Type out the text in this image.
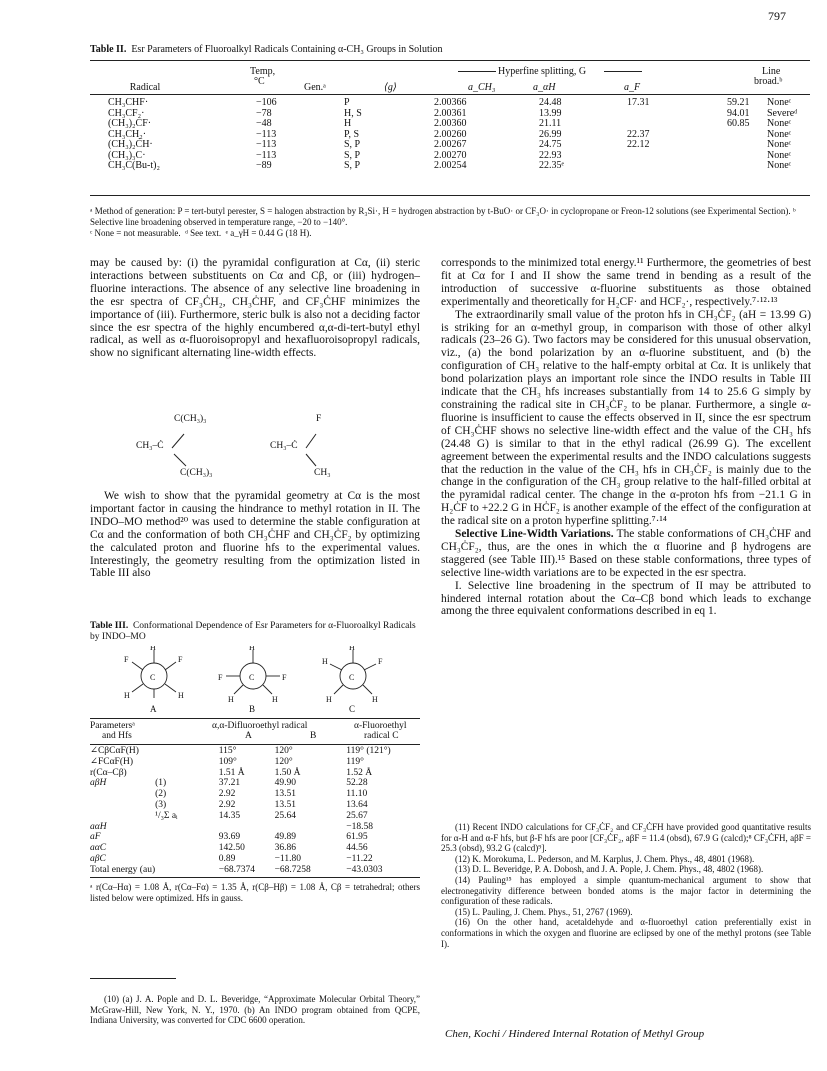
797
Table II. Esr Parameters of Fluoroalkyl Radicals Containing α-CH₃ Groups in Solution
Hyperfine splitting, G
Temp,
°C
Radical	Gen.ᵃ	⟨g⟩	a_CH₃	a_αH	a_F
Line
broad.ᵇ
CH₃CHF·	−106	P	2.00366	24.48	17.31	59.21	Noneᶜ
CH₃CF₂·	−78	H, S	2.00361	13.99		94.01	Severeᵈ
(CH₃)₂CF·	−48	H	2.00360	21.11		60.85	Noneᶜ
CH₃CH₂·	−113	P, S	2.00260	26.99	22.37		Noneᶜ
(CH₃)₂ĊH·	−113	S, P	2.00267	24.75	22.12		Noneᶜ
(CH₃)₃C·	−113	S, P	2.00270	22.93			Noneᶜ
CH₃C(Bu-t)₂	−89	S, P	2.00254	22.35ᵉ			Noneᶜ
ᵃ Method of generation: P = tert-butyl perester, S = halogen abstraction by R₃Si·, H = hydrogen abstraction by t-BuO· or CF₃O· in cyclopropane or Freon-12 solutions (see Experimental Section). ᵇ Selective line broadening observed in temperature range, −20 to −140°.
ᶜ None = not measurable. ᵈ See text. ᵉ a_γH = 0.44 G (18 H).

may be caused by: (i) the pyramidal configuration at Cα, (ii) steric interactions between substituents on Cα and Cβ, or (iii) hydrogen–fluorine interactions. The absence of any selective line broadening in the esr spectra of CF₃ĊH₂, CH₃ĊHF, and CF₃ĊHF minimizes the importance of (iii). Furthermore, steric bulk is also not a deciding factor since the esr spectra of the highly encumbered α,α-di-tert-butyl ethyl radical, as well as α-fluoroisopropyl and hexafluoroisopropyl radicals, show no significant alternating line-width effects.

C(CH₃)₃
CH₃–Ċ
C(CH₃)₃
F
CH₃–Ċ
CH₃

We wish to show that the pyramidal geometry at Cα is the most important factor in causing the hindrance to methyl rotation in II. The INDO–MO method²⁰ was used to determine the stable configuration at Cα and the conformation of both CH₃ĊHF and CH₃ĊF₂ by optimizing the calculated proton and fluorine hfs to the experimental values. Interestingly, the geometry resulting from the optimization listed in Table III also

Table III. Conformational Dependence of Esr Parameters for α-Fluoroalkyl Radicals by INDO–MO
C	C	C
H
F	F
H	H
H
F	F
H	H
H
H	F
H	H
A	B	C
Parametersᵃ
and Hfs
α,α-Difluoroethyl radical	α-Fluoroethyl
radical C
A	B
∠CβCαF(H)		115°	120°	119° (121°)
∠FCαF(H)		109°	120°	119°
r(Cα–Cβ)		1.51 Å	1.50 Å	1.52 Å
aβH	(1)	37.21	49.90	52.28
	(2)	2.92	13.51	11.10
	(3)	2.92	13.51	13.64
	¹/₃Σ aᵢ	14.35	25.64	25.67
aαH				−18.58
aF		93.69	49.89	61.95
aαC		142.50	36.86	44.56
aβC		0.89	−11.80	−11.22
Total energy (au)		−68.7374	−68.7258	−43.0303
ᵃ r(Cα–Hα) = 1.08 Å, r(Cα–Fα) = 1.35 Å, r(Cβ–Hβ) = 1.08 Å, Cβ = tetrahedral; others listed below were optimized. Hfs in gauss.
(10) (a) J. A. Pople and D. L. Beveridge, “Approximate Molecular Orbital Theory,” McGraw-Hill, New York, N. Y., 1970. (b) An INDO program obtained from QCPE, Indiana University, was converted for CDC 6600 operation.

corresponds to the minimized total energy.¹¹ Furthermore, the geometries of best fit at Cα for I and II show the same trend in bending as a result of the introduction of successive α-fluorine substituents as those obtained experimentally and theoretically for H₂CF· and HCF₂·, respectively.⁷·¹²·¹³

The extraordinarily small value of the proton hfs in CH₃ĊF₂ (aH = 13.99 G) is striking for an α-methyl group, in comparison with those of other alkyl radicals (23–26 G). Two factors may be considered for this unusual observation, viz., (a) the bond polarization by an α-fluorine substituent, and (b) the configuration of CH₃ relative to the half-empty orbital at Cα. It is unlikely that bond polarization plays an important role since the INDO results in Table III indicate that the CH₃ hfs increases substantially from 14 to 25.6 G simply by constraining the radical site in CH₃ĊF₂ to be planar. Furthermore, a single α-fluorine is insufficient to cause the effects observed in II, since the esr spectrum of CH₃ĊHF shows no selective line-width effect and the value of the CH₃ hfs (24.48 G) is similar to that in the ethyl radical (26.99 G). The excellent agreement between the experimental results and the INDO calculations suggests that the reduction in the value of the CH₃ hfs in CH₃ĊF₂ is mainly due to the change in the configuration of the CH₃ group relative to the half-filled orbital at the pyramidal radical center. The change in the α-proton hfs from −21.1 G in H₂ĊF to +22.2 G in HĊF₂ is another example of the effect of the configuration at the radical site on a proton hyperfine splitting.⁷·¹⁴

Selective Line-Width Variations. The stable conformations of CH₃ĊHF and CH₃ĊF₂, thus, are the ones in which the α fluorine and β hydrogens are staggered (see Table III).¹⁵ Based on these stable conformations, three types of selective line-width variations are to be expected in the esr spectra.

I. Selective line broadening in the spectrum of II may be attributed to hindered internal rotation about the Cα–Cβ bond which leads to exchange among the three equivalent conformations described in eq 1.

(11) Recent INDO calculations for CF₃ĊF₂ and CF₃ĊFH have provided good quantitative results for α-H and α-F hfs, but β-F hfs are poor [CF₃ĊF₂, aβF = 11.4 (obsd), 67.9 G (calcd);⁸ CF₃ĊFH, aβF = 25.3 (obsd), 93.2 G (calcd)⁹].
(12) K. Morokuma, L. Pederson, and M. Karplus, J. Chem. Phys., 48, 4801 (1968).
(13) D. L. Beveridge, P. A. Dobosh, and J. A. Pople, J. Chem. Phys., 48, 4802 (1968).
(14) Pauling¹⁵ has employed a simple quantum-mechanical argument to show that electronegativity difference between bonded atoms is the major factor in determining the configuration of these radicals.
(15) L. Pauling, J. Chem. Phys., 51, 2767 (1969).
(16) On the other hand, acetaldehyde and α-fluoroethyl cation preferentially exist in conformations in which the oxygen and fluorine are eclipsed by one of the methyl protons (see Table I).
Chen, Kochi / Hindered Internal Rotation of Methyl Group
